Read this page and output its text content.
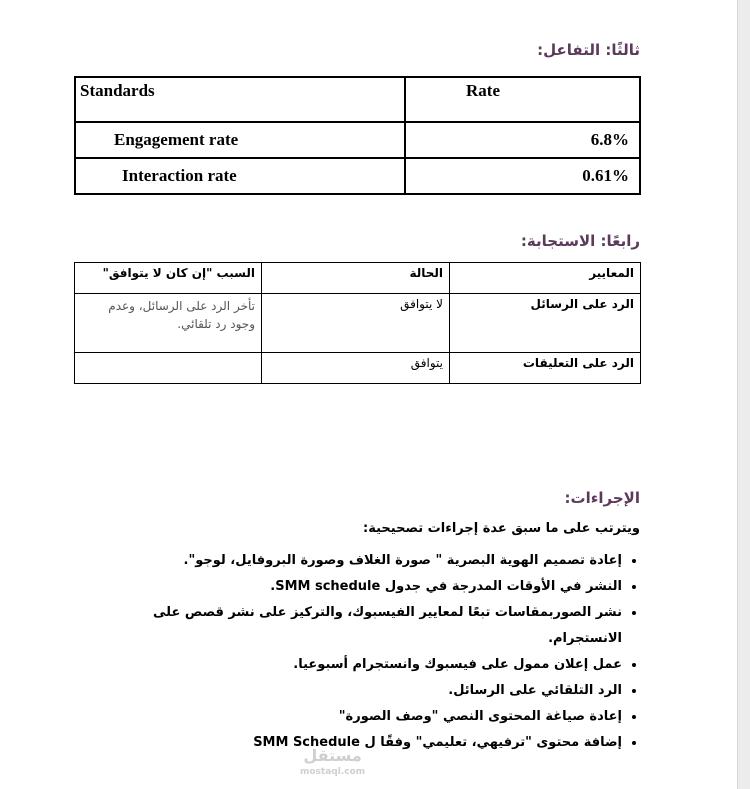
ثالثًا: التفاعل:
Standards	Rate
Engagement rate	6.8%
Interaction rate	0.61%
رابعًا: الاستجابة:
المعايير	الحالة	السبب "إن كان لا يتوافق"
الرد على الرسائل	لا يتوافق	تأخر الرد على الرسائل، وعدم وجود رد تلقائي.
الرد على التعليقات	يتوافق	
الإجراءات:
ويترتب على ما سبق عدة إجراءات تصحيحية:
• إعادة تصميم الهوية البصرية " صورة الغلاف وصورة البروفايل، لوجو".
• النشر في الأوقات المدرجة في جدول SMM schedule.
• نشر الصوربمقاسات تبعًا لمعايير الفيسبوك، والتركيز على نشر قصص على الانستجرام.
• عمل إعلان ممول على فيسبوك وانستجرام أسبوعيا.
• الرد التلقائي على الرسائل.
• إعادة صياغة المحتوى النصي "وصف الصورة"
• إضافة محتوى "ترفيهي، تعليمي" وفقًا ل SMM Schedule
مستقل
mostaql.com
